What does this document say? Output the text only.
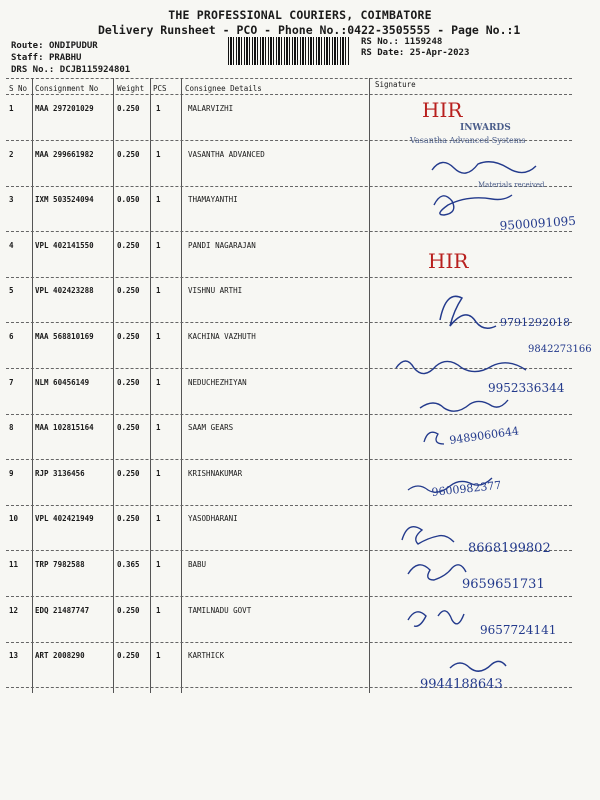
THE PROFESSIONAL COURIERS, COIMBATORE
Delivery Runsheet - PCO - Phone No.:0422-3505555 - Page No.:1
Route: ONDIPUDUR
Staff: PRABHU
DRS No.: DCJB115924801
RS No.: 1159248
RS Date: 25-Apr-2023
S No Consignment No	Weight PCS Consignee Details	Signature
1	MAA 297201029	0.250 1	MALARVIZHI
2	MAA 299661982	0.250 1	VASANTHA ADVANCED
3	IXM 503524094	0.050 1	THAMAYANTHI
4	VPL 402141550	0.250 1	PANDI NAGARAJAN
5	VPL 402423288	0.250 1	VISHNU ARTHI
6	MAA 568810169	0.250 1	KACHINA VAZHUTH
7	NLM 60456149	0.250 1	NEDUCHEZHIYAN
8	MAA 102815164	0.250 1	SAAM GEARS
9	RJP 3136456	0.250 1	KRISHNAKUMAR
10 VPL 402421949	0.250 1	YASODHARANI
11 TRP 7982588	0.365 1	BABU
12 EDQ 21487747	0.250 1	TAMILNADU GOVT
13 ART 2008290	0.250 1	KARTHICK
HIR
INWARDS
Vasantha Advanced Systems
Materials received
9500091095
HIR
9791292018
9842273166
9952336344
9489060644
9600982377
8668199802
9659651731
9657724141
9944188643
